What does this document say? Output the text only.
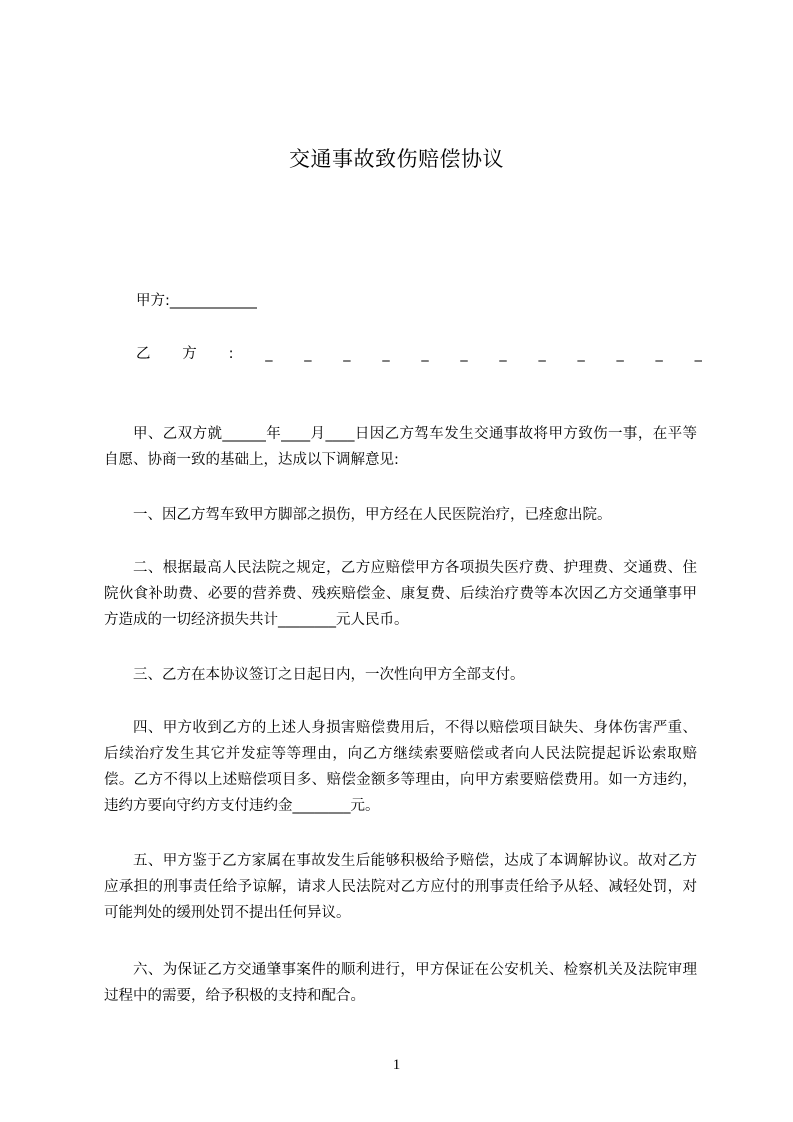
交通事故致伤赔偿协议
甲方:____________
乙 方 : _ _ _ _ _ _ _ _ _ _ _ _
甲、乙双方就______年____月____日因乙方驾车发生交通事故将甲方致伤一事，在平等自愿、协商一致的基础上，达成以下调解意见:
一、因乙方驾车致甲方脚部之损伤，甲方经在人民医院治疗，已痊愈出院。
二、根据最高人民法院之规定，乙方应赔偿甲方各项损失医疗费、护理费、交通费、住院伙食补助费、必要的营养费、残疾赔偿金、康复费、后续治疗费等本次因乙方交通肇事甲方造成的一切经济损失共计________元人民币。
三、乙方在本协议签订之日起日内，一次性向甲方全部支付。
四、甲方收到乙方的上述人身损害赔偿费用后，不得以赔偿项目缺失、身体伤害严重、后续治疗发生其它并发症等等理由，向乙方继续索要赔偿或者向人民法院提起诉讼索取赔偿。乙方不得以上述赔偿项目多、赔偿金额多等理由，向甲方索要赔偿费用。如一方违约，违约方要向守约方支付违约金________元。
五、甲方鉴于乙方家属在事故发生后能够积极给予赔偿，达成了本调解协议。故对乙方应承担的刑事责任给予谅解，请求人民法院对乙方应付的刑事责任给予从轻、减轻处罚，对可能判处的缓刑处罚不提出任何异议。
六、为保证乙方交通肇事案件的顺利进行，甲方保证在公安机关、检察机关及法院审理过程中的需要，给予积极的支持和配合。
1
